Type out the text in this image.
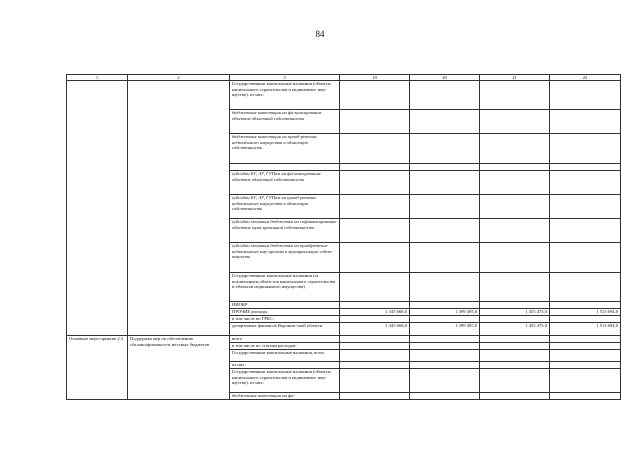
84
1	2	3	19	20	21	22
		Государственные капитальные вложения (объекты капитального строительства и недвижимое иму-щество), из них:				
		бюджетные инвестиции на фи-нансирование объектов областной собственности				
		бюджетные инвестиции на приоб-ретение недвижимого имущества в областную собственность				

		субсидии БУ, АУ, ГУПам на фи-нансирование объектов областной собственности				
		субсидии БУ, АУ, ГУПам на приоб-ретение недвижимого имущества в областную собственность				
		субсидии местным бюджетам на софинансирование объектов муни-ципальной собственности				
		субсидии местным бюджетам на приобретение недвижимого иму-щества в муниципальную собст-венность				
		Государственные капитальные вложения (за исключением объек-тов капитального строительства и объектов недвижимого имущества)				
		НИОКР				
		ПРОЧИЕ расходы	1 345 668,0	1 399 495,0	1 455 475,0	1 513 694,0
		в том числе по ГРБС:				
		департамент финансов Воронеж-ской области	1 345 668,0	1 399 495,0	1 455 475,0	1 513 694,0
Основное меро-приятие 2.3	Поддержка мер по обеспечению сбалансированности местных бюджетов	всего				
		в том числе по статьям расходов:				
		Государственные капитальные вложения, всего				
		из них:				
		Государственные капитальные вложения (объекты капитального строительства и недвижимое иму-щество), из них:				
		бюджетные инвестиции на фи-				
